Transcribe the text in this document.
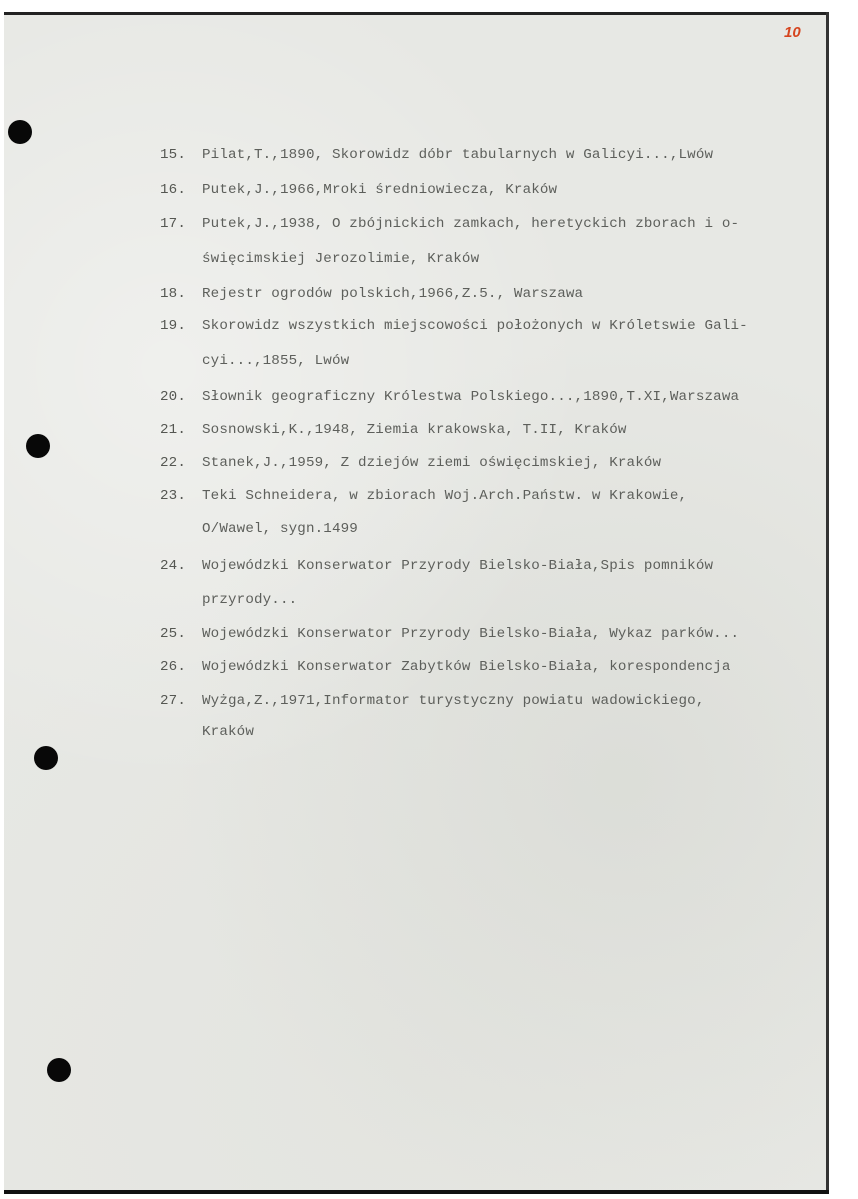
10
15. Pilat,T.,1890, Skorowidz dóbr tabularnych w Galicyi...,Lwów
16. Putek,J.,1966,Mroki średniowiecza, Kraków
17. Putek,J.,1938, O zbójnickich zamkach, heretyckich zborach i o-
święcimskiej Jerozolimie, Kraków
18. Rejestr ogrodów polskich,1966,Z.5., Warszawa
19. Skorowidz wszystkich miejscowości położonych w Króletswie Gali-
cyi...,1855, Lwów
20. Słownik geograficzny Królestwa Polskiego...,1890,T.XI,Warszawa
21. Sosnowski,K.,1948, Ziemia krakowska, T.II, Kraków
22. Stanek,J.,1959, Z dziejów ziemi oświęcimskiej, Kraków
23. Teki Schneidera, w zbiorach Woj.Arch.Państw. w Krakowie,
O/Wawel, sygn.1499
24. Wojewódzki Konserwator Przyrody Bielsko-Biała,Spis pomników
przyrody...
25. Wojewódzki Konserwator Przyrody Bielsko-Biała, Wykaz parków...
26. Wojewódzki Konserwator Zabytków Bielsko-Biała, korespondencja
27. Wyżga,Z.,1971,Informator turystyczny powiatu wadowickiego,
Kraków
